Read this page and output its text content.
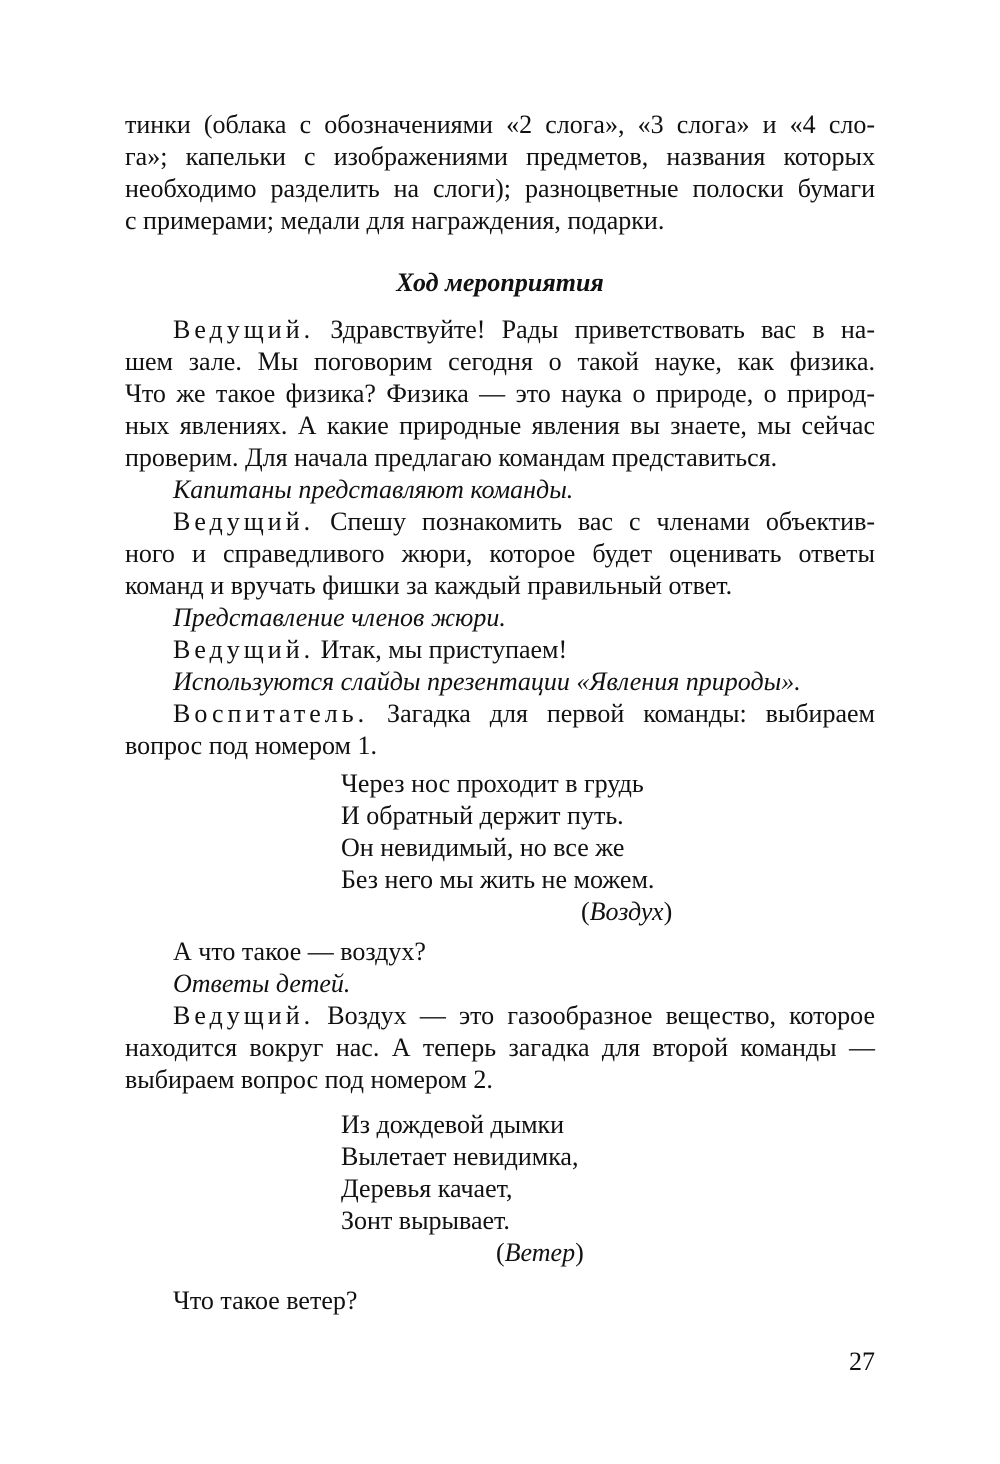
тинки (облака с обозначениями «2 слога», «3 слога» и «4 сло-
га»; капельки с изображениями предметов, названия которых
необходимо разделить на слоги); разноцветные полоски бумаги
с примерами; медали для награждения, подарки.
Ход мероприятия
Ведущий. Здравствуйте! Рады приветствовать вас в на-
шем зале. Мы поговорим сегодня о такой науке, как физика.
Что же такое физика? Физика — это наука о природе, о природ-
ных явлениях. А какие природные явления вы знаете, мы сейчас
проверим. Для начала предлагаю командам представиться.
Капитаны представляют команды.
Ведущий. Спешу познакомить вас с членами объектив-
ного и справедливого жюри, которое будет оценивать ответы
команд и вручать фишки за каждый правильный ответ.
Представление членов жюри.
Ведущий. Итак, мы приступаем!
Используются слайды презентации «Явления природы».
Воспитатель. Загадка для первой команды: выбираем
вопрос под номером 1.
Через нос проходит в грудь
И обратный держит путь.
Он невидимый, но все же
Без него мы жить не можем.
(Воздух)
А что такое — воздух?
Ответы детей.
Ведущий. Воздух — это газообразное вещество, которое
находится вокруг нас. А теперь загадка для второй команды —
выбираем вопрос под номером 2.
Из дождевой дымки
Вылетает невидимка,
Деревья качает,
Зонт вырывает.
(Ветер)
Что такое ветер?
27
